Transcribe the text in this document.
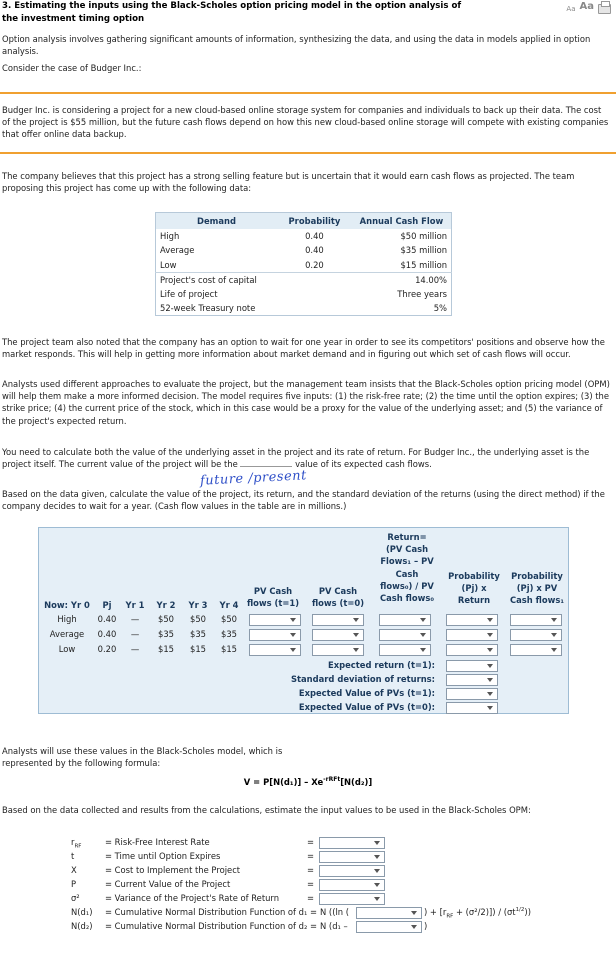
3. Estimating the inputs using the Black-Scholes option pricing model in the option analysis of the investment timing option
Aa Aa
Option analysis involves gathering significant amounts of information, synthesizing the data, and using the data in models applied in option analysis.
Consider the case of Budger Inc.:
Budger Inc. is considering a project for a new cloud-based online storage system for companies and individuals to back up their data. The cost of the project is $55 million, but the future cash flows depend on how this new cloud-based online storage will compete with existing companies that offer online data backup.
The company believes that this project has a strong selling feature but is uncertain that it would earn cash flows as projected. The team proposing this project has come up with the following data:
Demand	Probability	Annual Cash Flow
High	0.40	$50 million
Average	0.40	$35 million
Low	0.20	$15 million
Project's cost of capital		14.00%
Life of project		Three years
52-week Treasury note		5%
The project team also noted that the company has an option to wait for one year in order to see its competitors' positions and observe how the market responds. This will help in getting more information about market demand and in figuring out which set of cash flows will occur.
Analysts used different approaches to evaluate the project, but the management team insists that the Black-Scholes option pricing model (OPM) will help them make a more informed decision. The model requires five inputs: (1) the risk-free rate; (2) the time until the option expires; (3) the strike price; (4) the current price of the stock, which in this case would be a proxy for the value of the underlying asset; and (5) the variance of the project's expected return.
You need to calculate both the value of the underlying asset in the project and its rate of return. For Budger Inc., the underlying asset is the project itself. The current value of the project will be the	value of its expected cash flows.
future /present
Based on the data given, calculate the value of the project, its return, and the standard deviation of the returns (using the direct method) if the company decides to wait for a year. (Cash flow values in the table are in millions.)
Return=
(PV Cash
Flows₁ – PV
Cash
flows₀) / PV
Cash flows₀
Probability
(Pj) x
Return
Probability
(Pj) x PV
Cash flows₁
PV Cash flows (t=1)
PV Cash flows (t=0)
Now: Yr 0	Pj	Yr 1	Yr 2	Yr 3	Yr 4
High	0.40	—	$50	$50	$50
Average	0.40	—	$35	$35	$35
Low	0.20	—	$15	$15	$15
Expected return (t=1):
Standard deviation of returns:
Expected Value of PVs (t=1):
Expected Value of PVs (t=0):
Analysts will use these values in the Black-Scholes model, which is represented by the following formula:
$V = P[N(d_1)] - Xe^{-rRFt}[N(d_2)]$
Based on the data collected and results from the calculations, estimate the input values to be used in the Black-Scholes OPM:
$r_{RF}$	= Risk-Free Interest Rate	=
t	= Time until Option Expires	=
X	= Cost to Implement the Project	=
P	= Current Value of the Project	=
σ²	= Variance of the Project's Rate of Return	=
N(d₁) = Cumulative Normal Distribution Function of d₁ = N ((ln (	) + $[r_{RF} + (\sigma^2/2)]) / (\sigma t^{1/2})$)
N(d₂) = Cumulative Normal Distribution Function of d₂ = N (d₁ –	)
